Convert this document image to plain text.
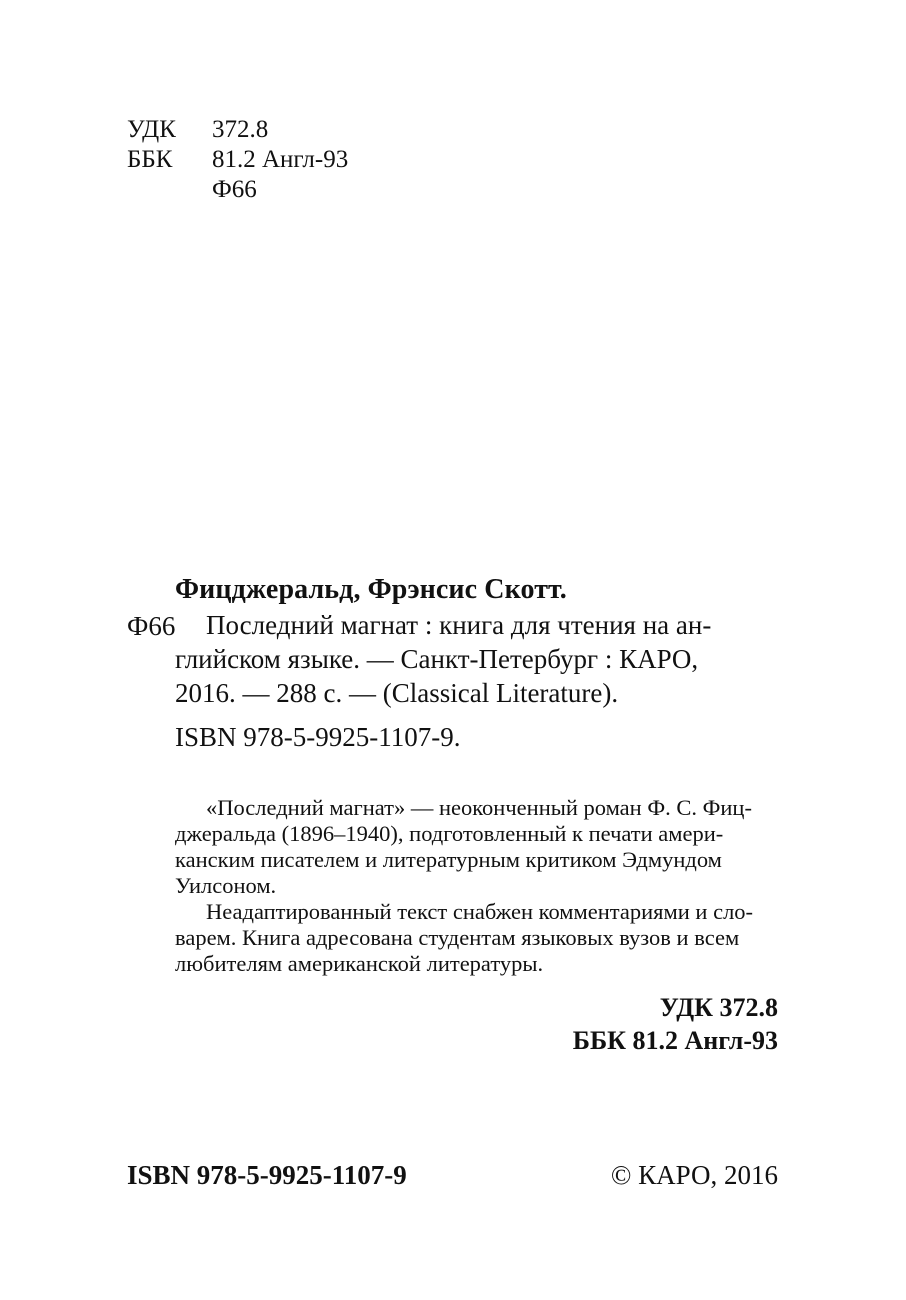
УДК 372.8
ББК 81.2 Англ-93
Ф66
Фицджеральд, Фрэнсис Скотт.
Ф66 Последний магнат : книга для чтения на ан-
глийском языке. — Санкт-Петербург : КАРО,
2016. — 288 с. — (Classical Literature).
ISBN 978-5-9925-1107-9.
«Последний магнат» — неоконченный роман Ф. С. Фиц-
джеральда (1896–1940), подготовленный к печати амери-
канским писателем и литературным критиком Эдмундом
Уилсоном.
Неадаптированный текст снабжен комментариями и сло-
варем. Книга адресована студентам языковых вузов и всем
любителям американской литературы.
УДК 372.8
ББК 81.2 Англ-93
ISBN 978-5-9925-1107-9	© КАРО, 2016
